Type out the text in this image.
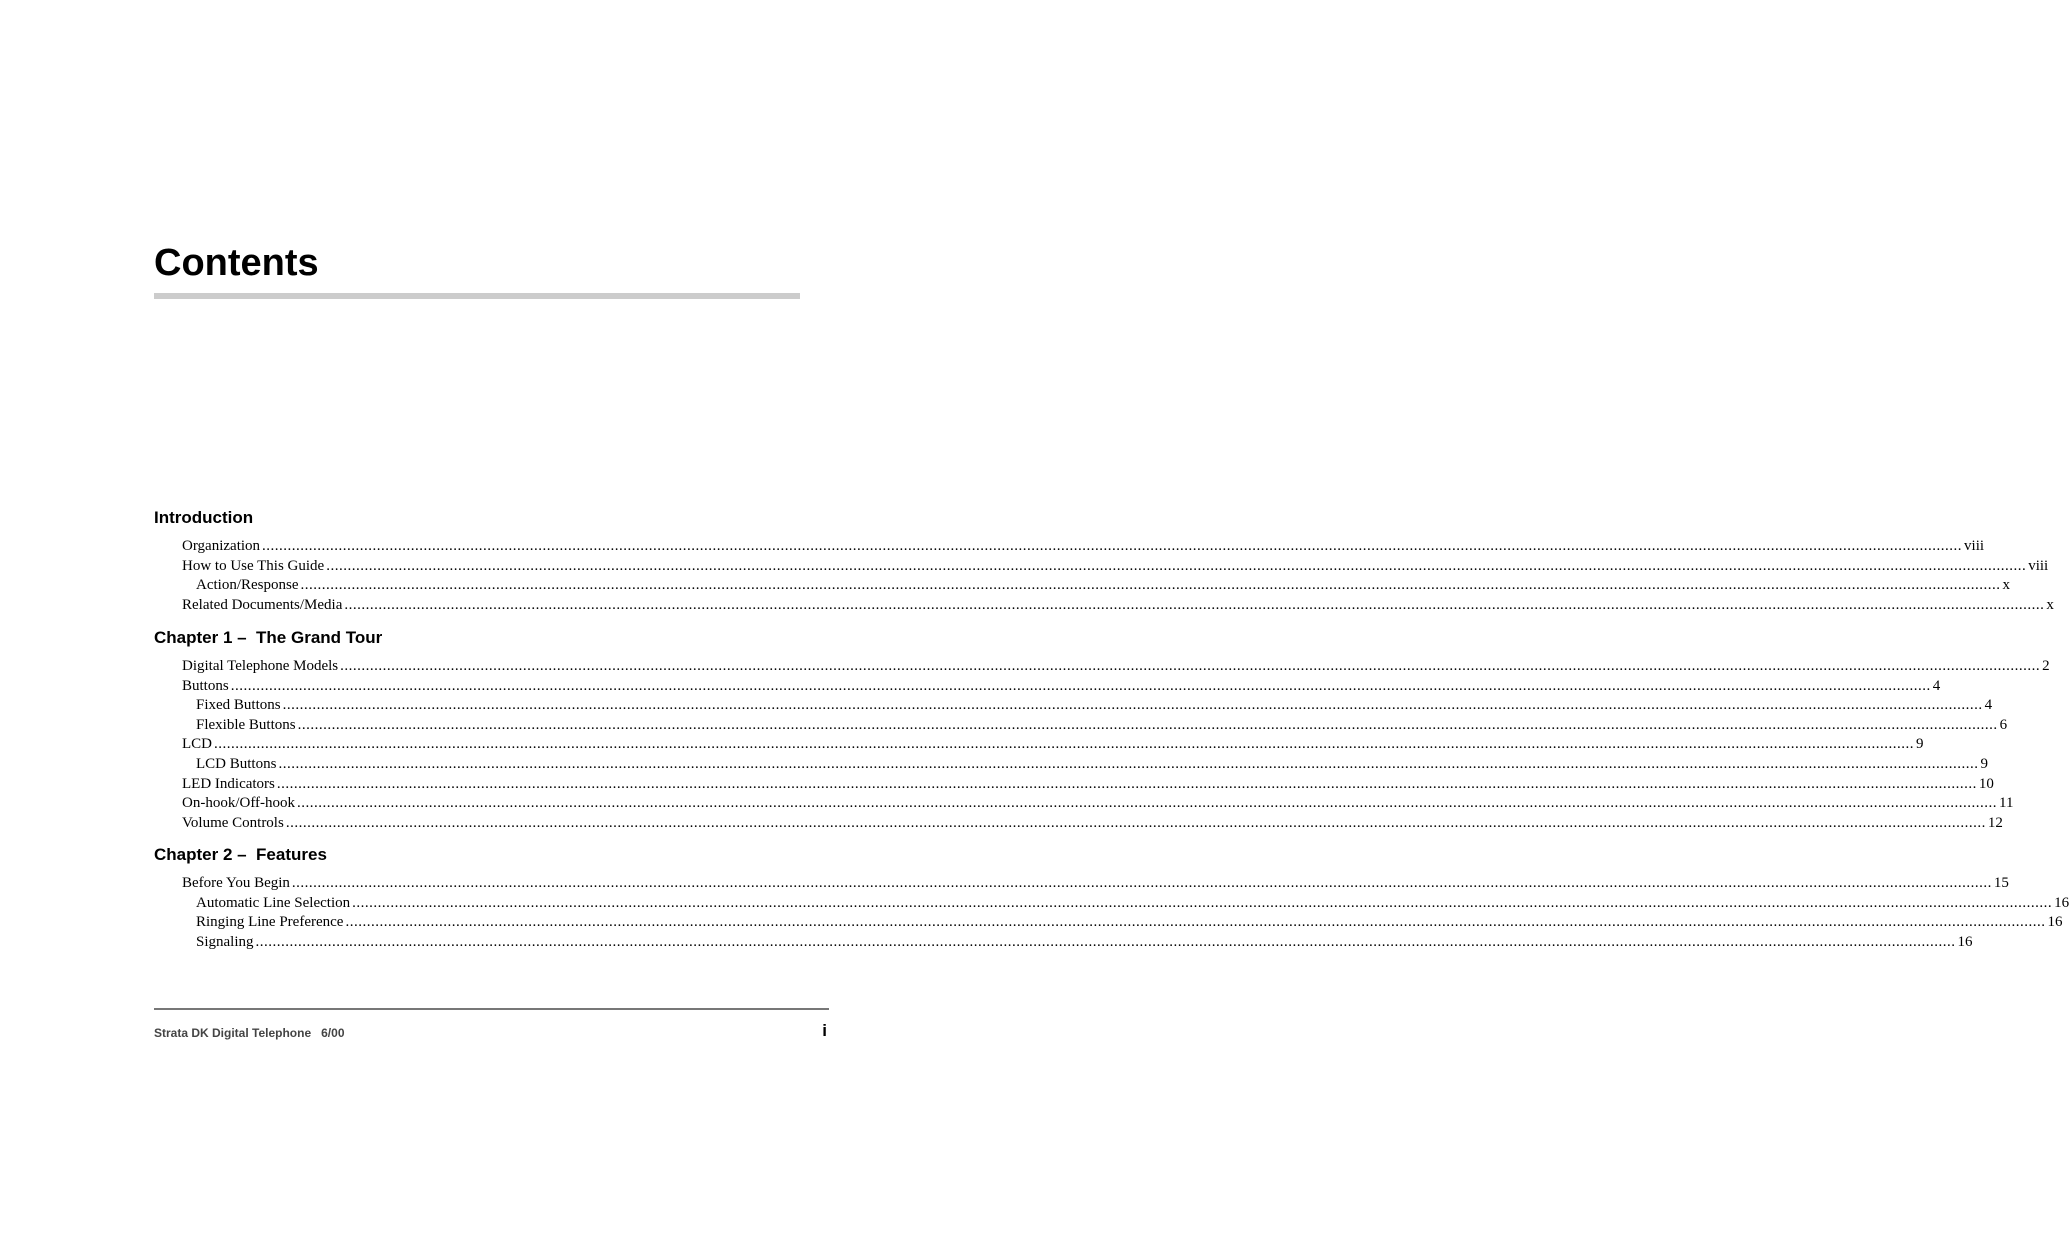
Contents
Introduction
Organization ................................................................................................................................................................................................................................................................................................................................................................................................................ viii
How to Use This Guide ................................................................................................................................................................................................................................................................................................................................................................................................................ viii
Action/Response ................................................................................................................................................................................................................................................................................................................................................................................................................ x
Related Documents/Media ................................................................................................................................................................................................................................................................................................................................................................................................................ x
Chapter 1 –  The Grand Tour
Digital Telephone Models ................................................................................................................................................................................................................................................................................................................................................................................................................ 2
Buttons ................................................................................................................................................................................................................................................................................................................................................................................................................ 4
Fixed Buttons ................................................................................................................................................................................................................................................................................................................................................................................................................ 4
Flexible Buttons ................................................................................................................................................................................................................................................................................................................................................................................................................ 6
LCD ................................................................................................................................................................................................................................................................................................................................................................................................................ 9
LCD Buttons ................................................................................................................................................................................................................................................................................................................................................................................................................ 9
LED Indicators ................................................................................................................................................................................................................................................................................................................................................................................................................ 10
On-hook/Off-hook ................................................................................................................................................................................................................................................................................................................................................................................................................ 11
Volume Controls ................................................................................................................................................................................................................................................................................................................................................................................................................ 12
Chapter 2 –  Features
Before You Begin ................................................................................................................................................................................................................................................................................................................................................................................................................ 15
Automatic Line Selection ................................................................................................................................................................................................................................................................................................................................................................................................................ 16
Ringing Line Preference ................................................................................................................................................................................................................................................................................................................................................................................................................ 16
Signaling ................................................................................................................................................................................................................................................................................................................................................................................................................ 16
Strata DK Digital Telephone   6/00	i
